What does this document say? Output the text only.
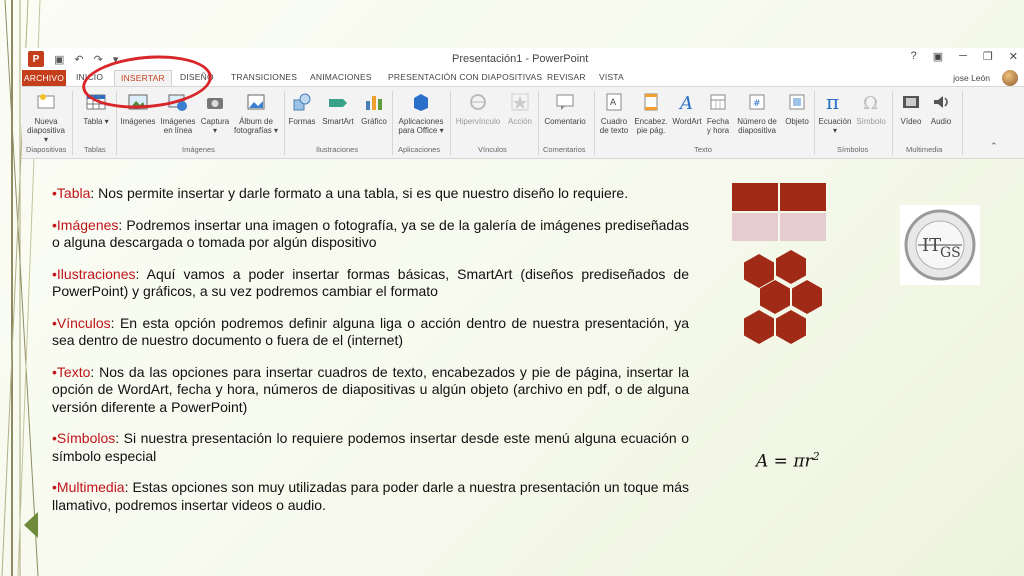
P	▣ ↶ ↷ ▾	Presentación1 - PowerPoint	? ▣ ─ ❐ ✕
ARCHIVO INICIO	INSERTAR	DISEÑO TRANSICIONES ANIMACIONES PRESENTACIÓN CON DIAPOSITIVAS REVISAR VISTA	jose León
Nueva diapositiva ▾
Tabla ▾	Imágenes Imágenes en línea
Captura ▾
Álbum de fotografías ▾
Formas SmartArt Gráfico	Aplicaciones para Office ▾
Hipervínculo Acción	Comentario
A
Cuadro de texto
Encabez. pie pág.
A
WordArt Fecha y hora
#
Número de diapositiva
Objeto
π
Ecuación ▾
Ω
Símbolo	Vídeo	Audio
Diapositivas Tablas	Imágenes	Ilustraciones	Aplicaciones	Vínculos	Comentarios	Texto	Símbolos	Multimedia	⌃

•Tabla: Nos permite insertar y darle formato a una tabla, si es que nuestro diseño lo requiere.

•Imágenes: Podremos insertar una imagen o fotografía, ya se de la galería de imágenes prediseñadas o alguna descargada o tomada por algún dispositivo

•Ilustraciones: Aquí vamos a poder insertar formas básicas, SmartArt (diseños prediseñados de PowerPoint) y gráficos, a su vez podremos cambiar el formato

•Vínculos: En esta opción podremos definir alguna liga o acción dentro de nuestra presentación, ya sea dentro de nuestro documento o fuera de el (internet)

•Texto: Nos da las opciones para insertar cuadros de texto, encabezados y pie de página, insertar la opción de WordArt, fecha y hora, números de diapositivas u algún objeto (archivo en pdf, o de alguna versión diferente a PowerPoint)

•Símbolos: Si nuestra presentación lo requiere podemos insertar desde este menú alguna ecuación o símbolo especial

•Multimedia: Estas opciones son muy utilizadas para poder darle a nuestra presentación un toque más llamativo, podremos insertar videos o audio.

IT
GS
$A = \pi r^2$
